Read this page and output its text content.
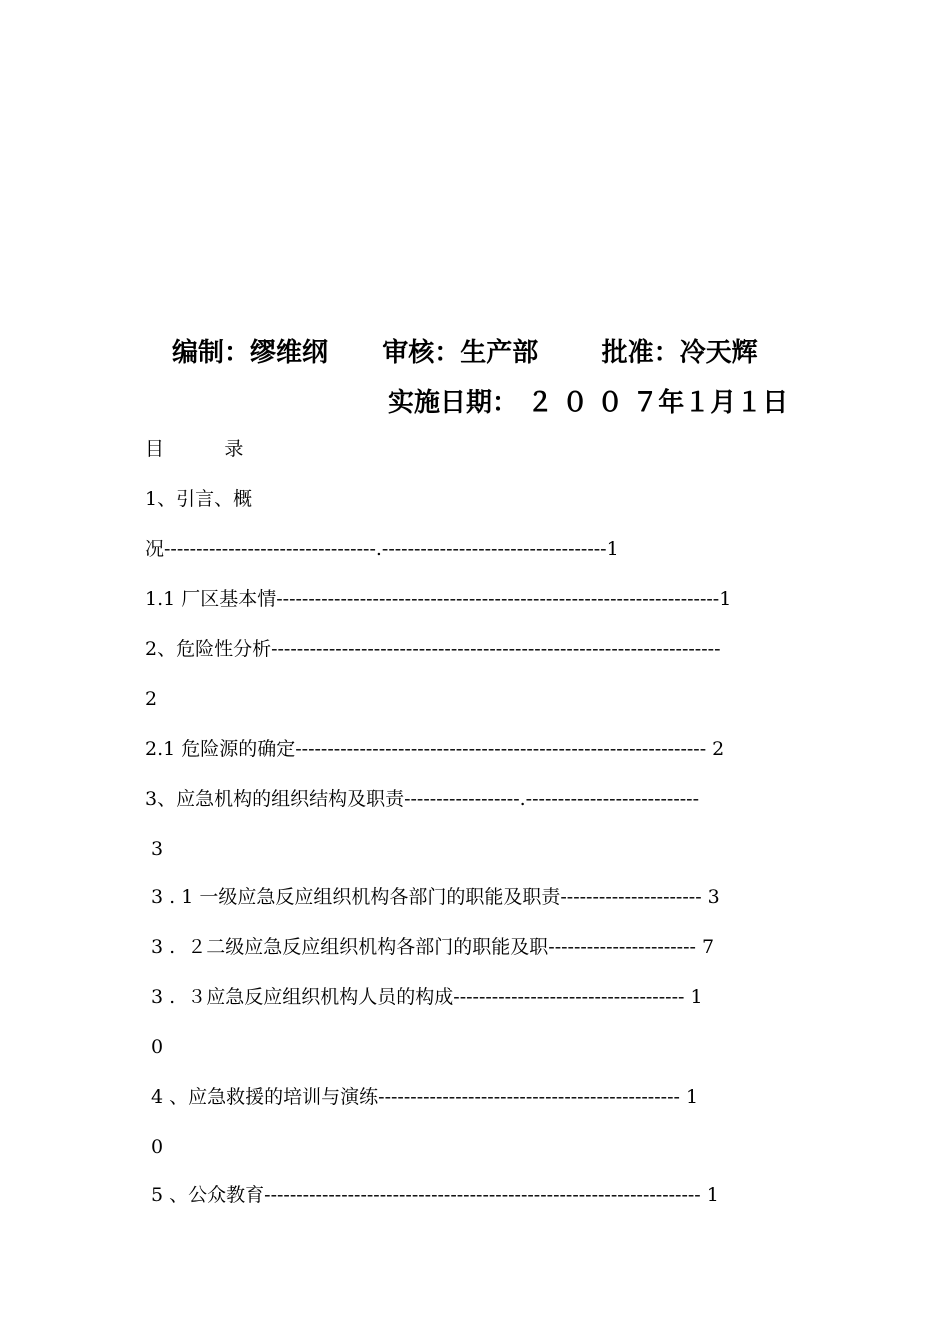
编制：缪维纲      审核：生产部       批准：冷天辉
实施日期： ２ ０ ０ ７年１月１日
目          录
1、引言、概
况---------------------------------.-----------------------------------1
1.1 厂区基本情---------------------------------------------------------------------1
2、危险性分析----------------------------------------------------------------------
2
2.1 危险源的确定---------------------------------------------------------------- 2
3、应急机构的组织结构及职责------------------.---------------------------
3
3 . 1 一级应急反应组织机构各部门的职能及职责---------------------- 3
3 .  ２二级应急反应组织机构各部门的职能及职----------------------- 7
3 .  ３应急反应组织机构人员的构成------------------------------------ 1
0
4 、应急救援的培训与演练----------------------------------------------- 1
0
5 、公众教育-------------------------------------------------------------------- 1
